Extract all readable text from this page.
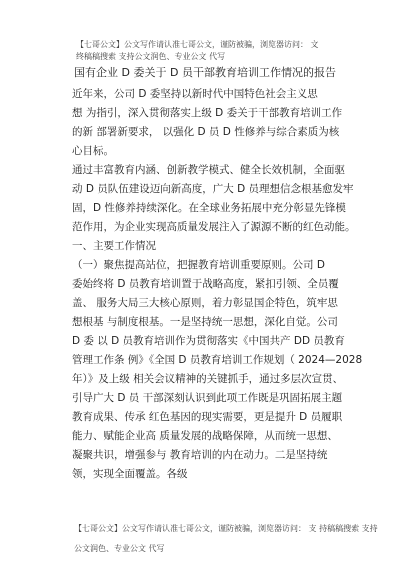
【七哥公文】公文写作请认准七哥公文，谨防被骗，浏览器访问： 文
终稿稿搜索 支持公文润色、专业公文 代写
国有企业 D 委关于 D 员干部教育培训工作情况的报告
近年来，公司 D 委坚持以新时代中国特色社会主义思
想 为指引，深入贯彻落实上级 D 委关于干部教育培训工作
的新 部署新要求， 以强化 D 员 D 性修养与综合素质为核
心目标。
通过丰富教育内涵、创新教学模式、健全长效机制，全面驱
动 D 员队伍建设迈向新高度，广大 D 员理想信念根基愈发牢
固，D 性修养持续深化。在全球业务拓展中充分彰显先锋模
范作用，为企业实现高质量发展注入了源源不断的红色动能。
一、主要工作情况
（一）聚焦提高站位，把握教育培训重要原则。公司 D
委始终将 D 员教育培训置于战略高度，紧扣引领、全员覆
盖、 服务大局三大核心原则，着力彰显国企特色，筑牢思
想根基 与制度根基。一是坚持统一思想，深化自觉。公司
D 委 以 D 员教育培训作为贯彻落实《中国共产 DD 员教育
管理工作条 例》《全国 D 员教育培训工作规划（ 2024—2028
年）》及上级 相关会议精神的关键抓手，通过多层次宣贯、
引导广大 D 员 干部深刻认识到此项工作既是巩固拓展主题
教育成果、传承 红色基因的现实需要，更是提升 D 员履职
能力、赋能企业高 质量发展的战略保障，从而统一思想、
凝聚共识，增强参与 教育培训的内在动力。二是坚持统
领，实现全面覆盖。各级
【七哥公文】公文写作请认准七哥公文，谨防被骗，浏览器访问： 支 持稿稿搜索 支持
公文润色、专业公文 代写
